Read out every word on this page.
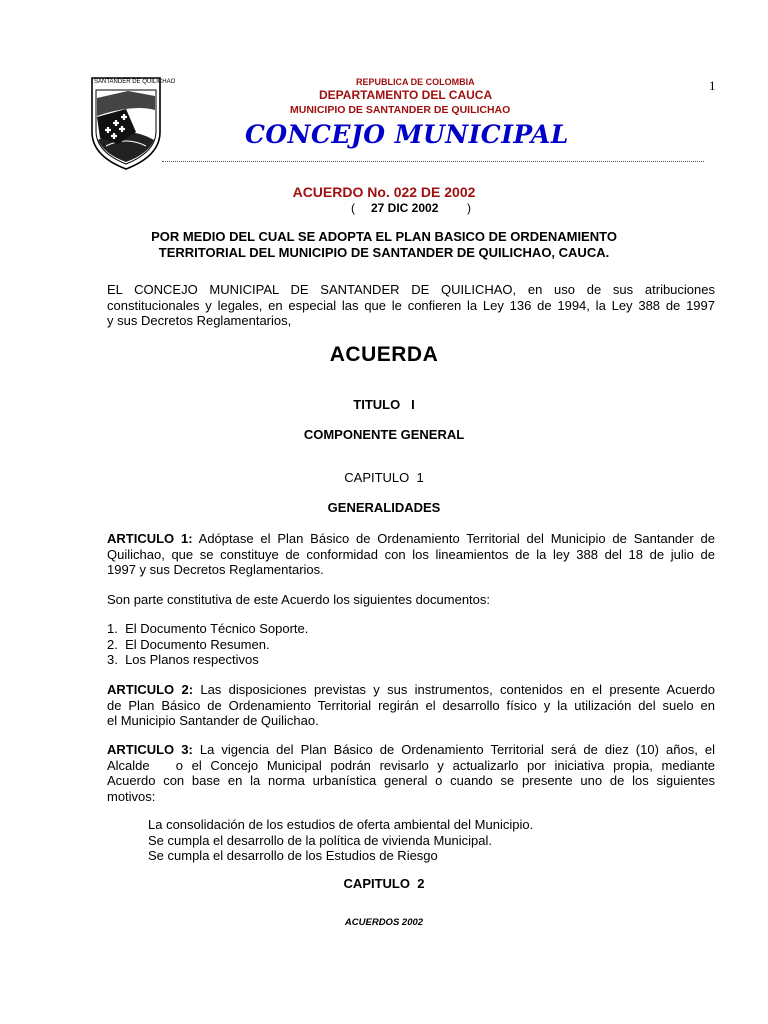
SANTANDER DE QUILICHAO	REPUBLICA DE COLOMBIA
DEPARTAMENTO DEL CAUCA
MUNICIPIO DE SANTANDER DE QUILICHAO
CONCEJO MUNICIPAL
1
ACUERDO No. 022 DE 2002
( 27 DIC 2002 )
POR MEDIO DEL CUAL SE ADOPTA EL PLAN BASICO DE ORDENAMIENTO
TERRITORIAL DEL MUNICIPIO DE SANTANDER DE QUILICHAO, CAUCA.
EL CONCEJO MUNICIPAL DE SANTANDER DE QUILICHAO, en uso de sus atribuciones
constitucionales y legales, en especial las que le confieren la Ley 136 de 1994, la Ley 388 de 1997
y sus Decretos Reglamentarios,
ACUERDA
TITULO   I
COMPONENTE GENERAL
CAPITULO  1
GENERALIDADES
ARTICULO 1: Adóptase el Plan Básico de Ordenamiento Territorial del Municipio de Santander de
Quilichao, que se constituye de conformidad con los lineamientos de la ley 388 del 18 de julio de
1997 y sus Decretos Reglamentarios.
Son parte constitutiva de este Acuerdo los siguientes documentos:
1.  El Documento Técnico Soporte.
2.  El Documento Resumen.
3.  Los Planos respectivos
ARTICULO 2: Las disposiciones previstas y sus instrumentos, contenidos en el presente Acuerdo
de Plan Básico de Ordenamiento Territorial regirán el desarrollo físico y la utilización del suelo en
el Municipio Santander de Quilichao.
ARTICULO 3: La vigencia del Plan Básico de Ordenamiento Territorial será de diez (10) años, el
Alcalde   o el Concejo Municipal podrán revisarlo y actualizarlo por iniciativa propia, mediante
Acuerdo con base en la norma urbanística general o cuando se presente uno de los siguientes
motivos:
La consolidación de los estudios de oferta ambiental del Municipio.
Se cumpla el desarrollo de la política de vivienda Municipal.
Se cumpla el desarrollo de los Estudios de Riesgo
CAPITULO  2
ACUERDOS 2002
